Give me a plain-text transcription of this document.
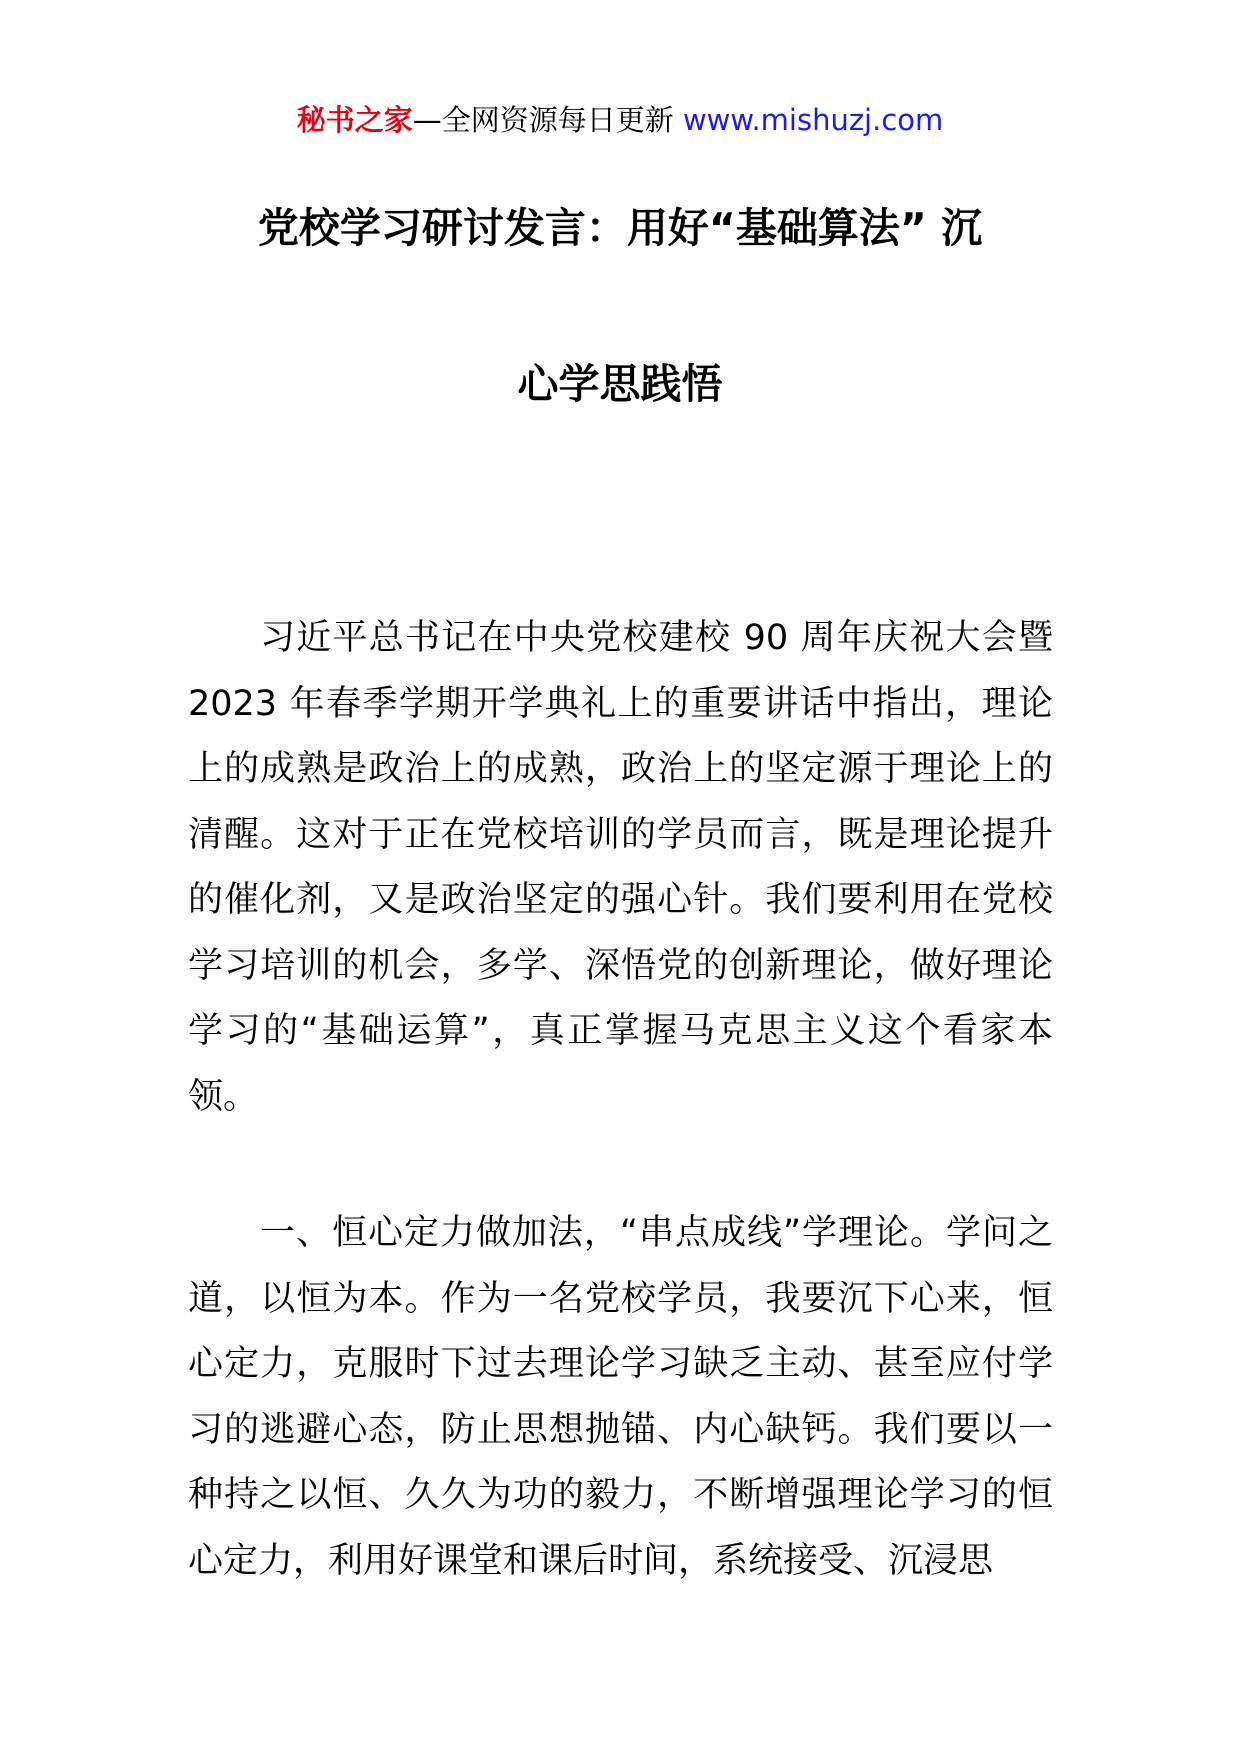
秘书之家—全网资源每日更新 www.mishuzj.com
党校学习研讨发言：用好“基础算法” 沉
心学思践悟

习近平总书记在中央党校建校 90 周年庆祝大会暨 2023 年春季学期开学典礼上的重要讲话中指出，理论上的成熟是政治上的成熟，政治上的坚定源于理论上的清醒。这对于正在党校培训的学员而言，既是理论提升的催化剂，又是政治坚定的强心针。我们要利用在党校学习培训的机会，多学、深悟党的创新理论，做好理论学习的“基础运算”，真正掌握马克思主义这个看家本领。

一、恒心定力做加法，“串点成线”学理论。学问之道，以恒为本。作为一名党校学员，我要沉下心来，恒心定力，克服时下过去理论学习缺乏主动、甚至应付学习的逃避心态，防止思想抛锚、内心缺钙。我们要以一种持之以恒、久久为功的毅力，不断增强理论学习的恒心定力，利用好课堂和课后时间，系统接受、沉浸思
